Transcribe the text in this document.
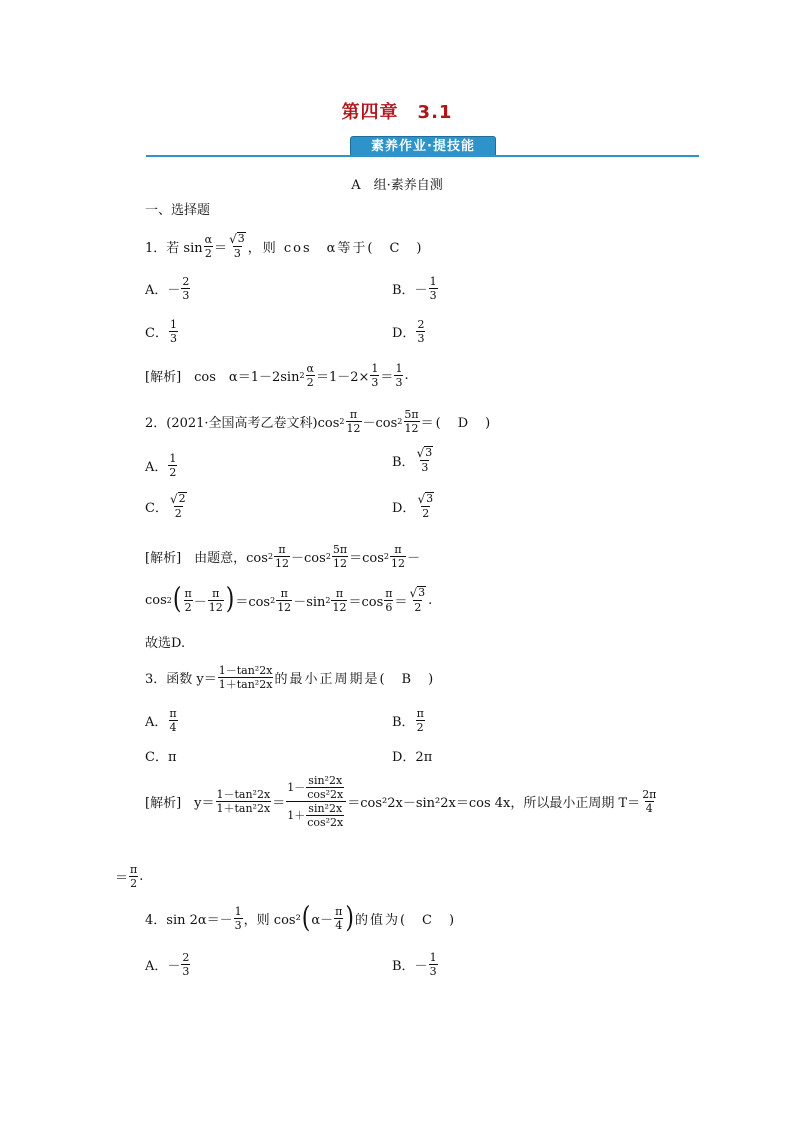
第四章　3.1
素养作业·提技能
A　组·素养自测
一、选择题
1．若 $\sin \frac{\alpha}{2} = \frac{√ 3}{3}$ ，则 cos　α等于(　C　)
A．－ $\frac{2}{3}$	B．－ $\frac{1}{3}$
C． $\frac{1}{3}$	D． $\frac{2}{3}$
[解析]　cos　α＝1－2sin $2 \frac{\alpha}{2} =1-2\times \frac{1}{3} = \frac{1}{3}$ .
2．(2021·全国高考乙卷文科)cos $2 \frac{\pi}{12} -\cos$ $2 \frac{5\pi}{12}$ ＝(　D　)
A． $\frac{1}{2}$	B． $\frac{√ 3}{3}$
C． $\frac{√ 2}{2}$	D． $\frac{√ 3}{2}$
[解析]　由题意，$\cos 2 \frac{\pi}{12} -\cos$ $2 \frac{5\pi}{12} =\cos$ $2 \frac{\pi}{12}$ －
cos 2 ( $\frac{\pi}{2} - \frac{\pi}{12}$ ) ＝cos $2 \frac{\pi}{12} -\sin$ $2 \frac{\pi}{12} =\cos \frac{\pi}{6} = \frac{√ 3}{2}$ .
故选D.
3．函数 $y= \frac{\text{1－tan²2x}}{\text{1＋tan²2x}}$ 的最小正周期是(　B　)
A． $\frac{\pi}{4}$	B． $\frac{\pi}{2}$
C．π	D．2π
[解析]　$y= \frac{\text{1－tan²2x}}{\text{1＋tan²2x}} = \frac{1- \frac{\text{sin²2x}}{\text{cos²2x}}}{1+ \frac{\text{sin²2x}}{\text{cos²2x}}} =\cos^22x-\sin^22x=\cos$ 4x，所以最小正周期 $T= \frac{2\pi}{4}$
＝ $\frac{\pi}{2}$ .
4．$\sin 2\alpha=- \frac{1}{3}$ ，则 cos² ( $\alpha- \frac{\pi}{4}$ ) 的值为(　C　)
A．－ $\frac{2}{3}$	B．－ $\frac{1}{3}$
